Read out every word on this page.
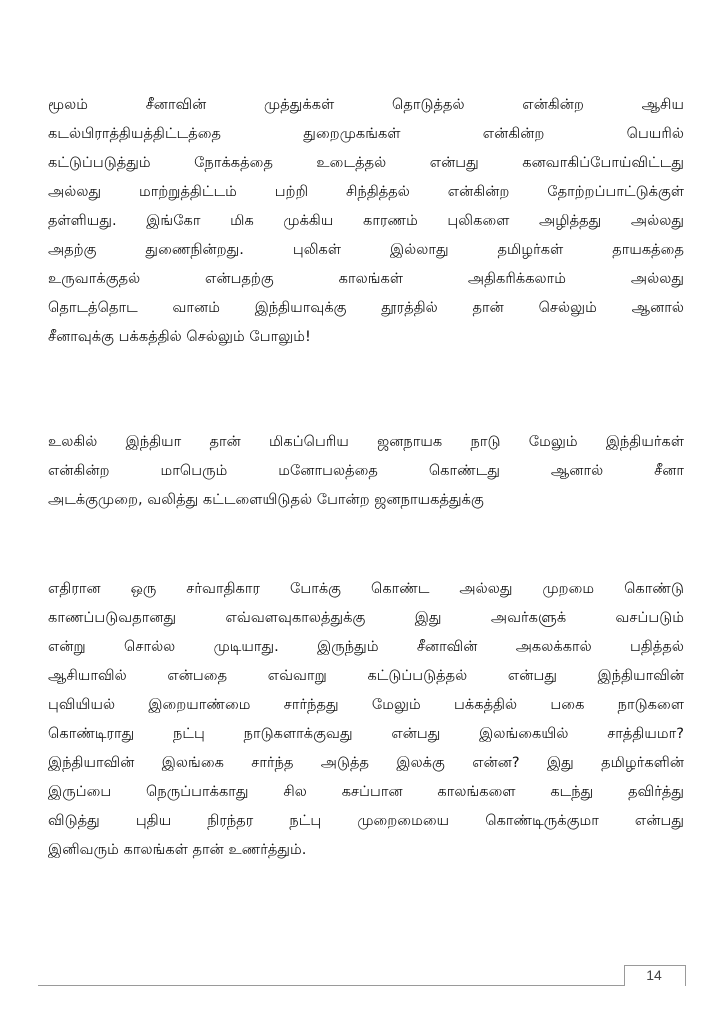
மூலம் சீனாவின் முத்துக்கள் தொடுத்தல் என்கின்ற ஆசிய
கடல்பிராத்தியத்திட்டத்தை துறைமுகங்கள் என்கின்ற பெயரில்
கட்டுப்படுத்தும் நோக்கத்தை உடைத்தல் என்பது கனவாகிப்போய்விட்டது
அல்லது மாற்றுத்திட்டம் பற்றி சிந்தித்தல் என்கின்ற தோற்றப்பாட்டுக்குள்
தள்ளியது. இங்கோ மிக முக்கிய காரணம் புலிகளை அழித்தது அல்லது
அதற்கு துணைநின்றது. புலிகள் இல்லாது தமிழர்கள் தாயகத்தை
உருவாக்குதல் என்பதற்கு காலங்கள் அதிகரிக்கலாம் அல்லது
தொடத்தொட வானம் இந்தியாவுக்கு தூரத்தில் தான் செல்லும் ஆனால்
சீனாவுக்கு பக்கத்தில் செல்லும் போலும்!
உலகில் இந்தியா தான் மிகப்பெரிய ஜனநாயக நாடு மேலும் இந்தியர்கள்
என்கின்ற மாபெரும் மனோபலத்தை கொண்டது ஆனால் சீனா
அடக்குமுறை, வலித்து கட்டளையிடுதல் போன்ற ஜனநாயகத்துக்கு
எதிரான ஒரு சர்வாதிகார போக்கு கொண்ட அல்லது முறமை கொண்டு
காணப்படுவதானது எவ்வளவுகாலத்துக்கு இது அவர்களுக் வசப்படும்
என்று சொல்ல முடியாது. இருந்தும் சீனாவின் அகலக்கால் பதித்தல்
ஆசியாவில் என்பதை எவ்வாறு கட்டுப்படுத்தல் என்பது இந்தியாவின்
புவியியல் இறையாண்மை சார்ந்தது மேலும் பக்கத்தில் பகை நாடுகளை
கொண்டிராது நட்பு நாடுகளாக்குவது என்பது இலங்கையில் சாத்தியமா?
இந்தியாவின் இலங்கை சார்ந்த அடுத்த இலக்கு என்ன? இது தமிழர்களின்
இருப்பை நெருப்பாக்காது சில கசப்பான காலங்களை கடந்து தவிர்த்து
விடுத்து புதிய நிரந்தர நட்பு முறைமையை கொண்டிருக்குமா என்பது
இனிவரும் காலங்கள் தான் உணர்த்தும்.
14
